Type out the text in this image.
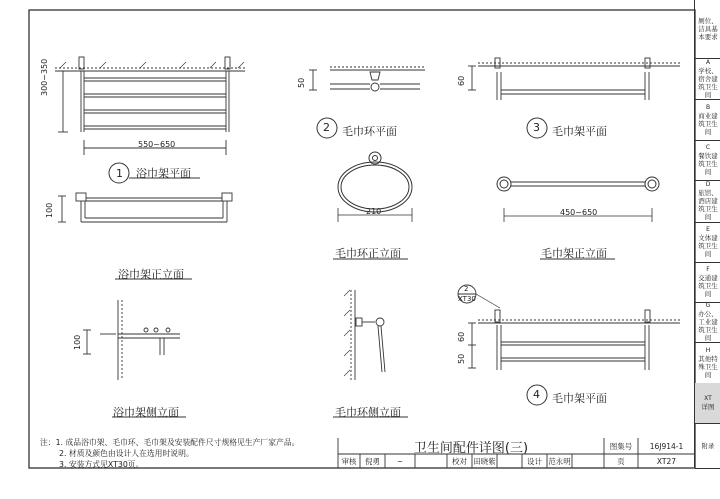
1 浴巾架平面
300~350
550~650
100
浴巾架正立面
100
浴巾架侧立面
2 毛巾环平面
50
210
毛巾环正立面
毛巾环侧立面
3 毛巾架平面
60
450~650
毛巾架正立面
2
XT30
60
50
4 毛巾架平面
注：1. 成品浴巾架、毛巾环、毛巾架及安装配件尺寸规格见生产厂家产品。
2. 材质及颜色由设计人在选用时说明。
3. 安装方式见XT30页。
卫生间配件详图(三)	图集号	16J914-1
审核	倪勇	~	校对 田晓紫	设计 范永明	页	XT27
厕位、洁具基本要求
A
学校、宿舍建筑卫生间
B
商业建筑卫生间
C
餐饮建筑卫生间
D
旅馆、酒店建筑卫生间
E
文体建筑卫生间
F
交通建筑卫生间
G
办公、工业建筑卫生间
H
其他特殊卫生间
XT
详图
附录
